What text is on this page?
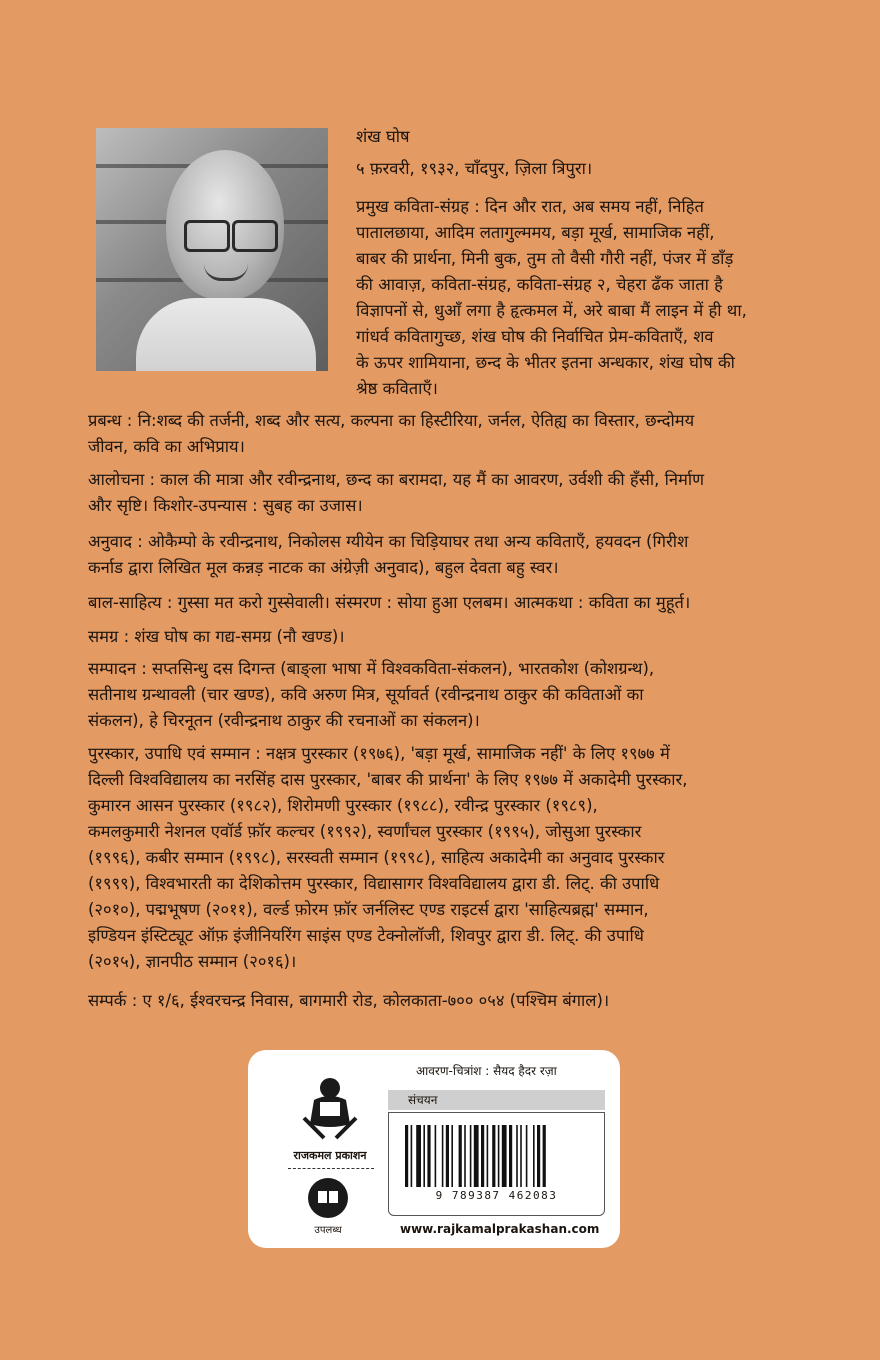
शंख घोष
५ फ़रवरी, १९३२, चाँदपुर, ज़िला त्रिपुरा।

प्रमुख कविता-संग्रह : दिन और रात, अब समय नहीं, निहित

पातालछाया, आदिम लतागुल्ममय, बड़ा मूर्ख, सामाजिक नहीं,

बाबर की प्रार्थना, मिनी बुक, तुम तो वैसी गौरी नहीं, पंजर में डाँड़

की आवाज़, कविता-संग्रह, कविता-संग्रह २, चेहरा ढँक जाता है

विज्ञापनों से, धुआँ लगा है हृत्कमल में, अरे बाबा मैं लाइन में ही था,

गांधर्व कवितागुच्छ, शंख घोष की निर्वाचित प्रेम-कविताएँ, शव

के ऊपर शामियाना, छन्द के भीतर इतना अन्धकार, शंख घोष की

श्रेष्ठ कविताएँ।

प्रबन्ध : नि:शब्द की तर्जनी, शब्द और सत्य, कल्पना का हिस्टीरिया, जर्नल, ऐतिह्य का विस्तार, छन्दोमय

जीवन, कवि का अभिप्राय।

आलोचना : काल की मात्रा और रवीन्द्रनाथ, छन्द का बरामदा, यह मैं का आवरण, उर्वशी की हँसी, निर्माण

और सृष्टि। किशोर-उपन्यास : सुबह का उजास।

अनुवाद : ओकैम्पो के रवीन्द्रनाथ, निकोलस ग्यीयेन का चिड़ियाघर तथा अन्य कविताएँ, हयवदन (गिरीश

कर्नाड द्वारा लिखित मूल कन्नड़ नाटक का अंग्रेज़ी अनुवाद), बहुल देवता बहु स्वर।

बाल-साहित्य : गुस्सा मत करो गुस्सेवाली। संस्मरण : सोया हुआ एलबम। आत्मकथा : कविता का मुहूर्त।

समग्र : शंख घोष का गद्य-समग्र (नौ खण्ड)।

सम्पादन : सप्तसिन्धु दस दिगन्त (बाङ्ला भाषा में विश्वकविता-संकलन), भारतकोश (कोशग्रन्थ),

सतीनाथ ग्रन्थावली (चार खण्ड), कवि अरुण मित्र, सूर्यावर्त (रवीन्द्रनाथ ठाकुर की कविताओं का

संकलन), हे चिरनूतन (रवीन्द्रनाथ ठाकुर की रचनाओं का संकलन)।

पुरस्कार, उपाधि एवं सम्मान : नक्षत्र पुरस्कार (१९७६), 'बड़ा मूर्ख, सामाजिक नहीं' के लिए १९७७ में

दिल्ली विश्वविद्यालय का नरसिंह दास पुरस्कार, 'बाबर की प्रार्थना' के लिए १९७७ में अकादेमी पुरस्कार,

कुमारन आसन पुरस्कार (१९८२), शिरोमणी पुरस्कार (१९८८), रवीन्द्र पुरस्कार (१९८९),

कमलकुमारी नेशनल एवॉर्ड फ़ॉर कल्चर (१९९२), स्वर्णांचल पुरस्कार (१९९५), जोसुआ पुरस्कार

(१९९६), कबीर सम्मान (१९९८), सरस्वती सम्मान (१९९८), साहित्य अकादेमी का अनुवाद पुरस्कार

(१९९९), विश्वभारती का देशिकोत्तम पुरस्कार, विद्यासागर विश्वविद्यालय द्वारा डी. लिट्. की उपाधि

(२०१०), पद्मभूषण (२०११), वर्ल्ड फ़ोरम फ़ॉर जर्नलिस्ट एण्ड राइटर्स द्वारा 'साहित्यब्रह्म' सम्मान,

इण्डियन इंस्टिट्यूट ऑफ़ इंजीनियरिंग साइंस एण्ड टेक्नोलॉजी, शिवपुर द्वारा डी. लिट्. की उपाधि

(२०१५), ज्ञानपीठ सम्मान (२०१६)।

सम्पर्क : ए १/६, ईश्वरचन्द्र निवास, बागमारी रोड, कोलकाता-७०० ०५४ (पश्चिम बंगाल)।

आवरण-चित्रांश : सैयद हैदर रज़ा
राजकमल प्रकाशन
उपलब्ध
संचयन
9 789387 462083
www.rajkamalprakashan.com
